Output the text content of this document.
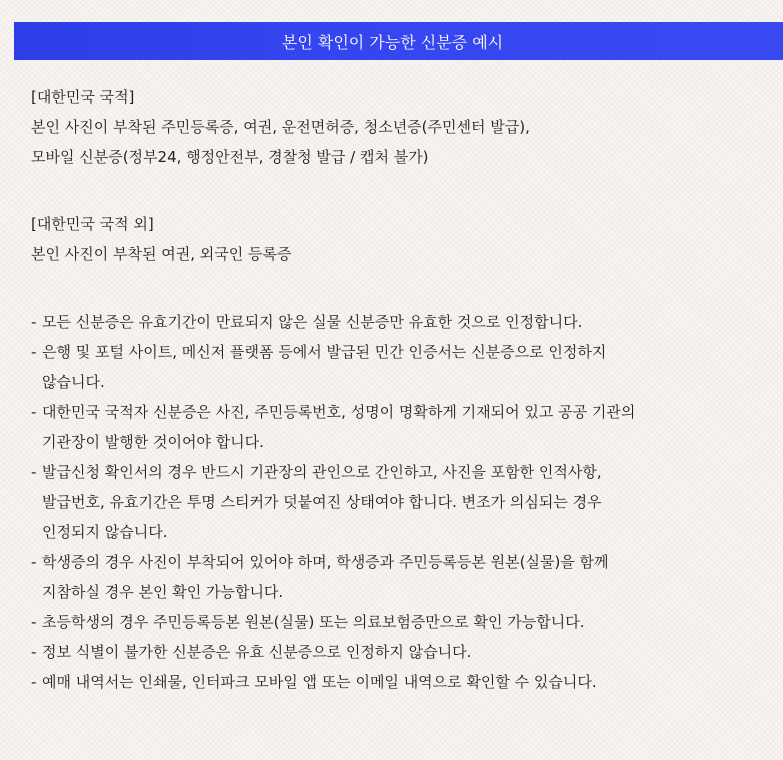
본인 확인이 가능한 신분증 예시
[대한민국 국적]
본인 사진이 부착된 주민등록증, 여권, 운전면허증, 청소년증(주민센터 발급),
모바일 신분증(정부24, 행정안전부, 경찰청 발급 / 캡처 불가)
[대한민국 국적 외]
본인 사진이 부착된 여권, 외국인 등록증
- 모든 신분증은 유효기간이 만료되지 않은 실물 신분증만 유효한 것으로 인정합니다.
- 은행 및 포털 사이트, 메신저 플랫폼 등에서 발급된 민간 인증서는 신분증으로 인정하지
않습니다.
- 대한민국 국적자 신분증은 사진, 주민등록번호, 성명이 명확하게 기재되어 있고 공공 기관의
기관장이 발행한 것이어야 합니다.
- 발급신청 확인서의 경우 반드시 기관장의 관인으로 간인하고, 사진을 포함한 인적사항,
발급번호, 유효기간은 투명 스티커가 덧붙여진 상태여야 합니다. 변조가 의심되는 경우
인정되지 않습니다.
- 학생증의 경우 사진이 부착되어 있어야 하며, 학생증과 주민등록등본 원본(실물)을 함께
지참하실 경우 본인 확인 가능합니다.
- 초등학생의 경우 주민등록등본 원본(실물) 또는 의료보험증만으로 확인 가능합니다.
- 정보 식별이 불가한 신분증은 유효 신분증으로 인정하지 않습니다.
- 예매 내역서는 인쇄물, 인터파크 모바일 앱 또는 이메일 내역으로 확인할 수 있습니다.
